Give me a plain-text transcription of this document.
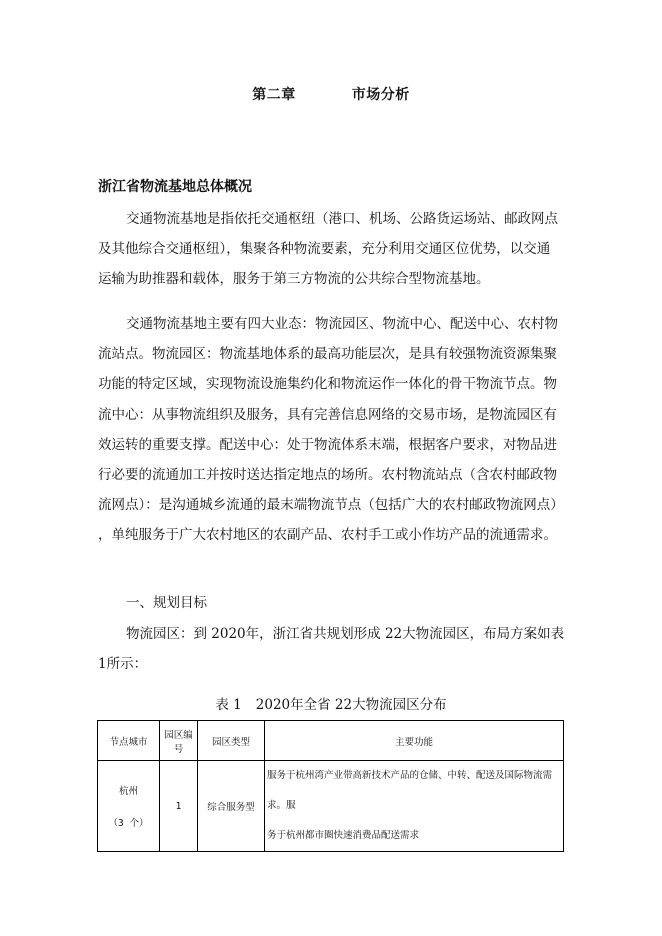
第二章	市场分析
浙江省物流基地总体概况

交通物流基地是指依托交通枢纽（港口、机场、公路货运场站、邮政网点
及其他综合交通枢纽），集聚各种物流要素，充分利用交通区位优势，以交通
运输为助推器和载体，服务于第三方物流的公共综合型物流基地。

交通物流基地主要有四大业态：物流园区、物流中心、配送中心、农村物
流站点。物流园区：物流基地体系的最高功能层次，是具有较强物流资源集聚
功能的特定区域，实现物流设施集约化和物流运作一体化的骨干物流节点。物
流中心：从事物流组织及服务，具有完善信息网络的交易市场，是物流园区有
效运转的重要支撑。配送中心：处于物流体系末端，根据客户要求，对物品进
行必要的流通加工并按时送达指定地点的场所。农村物流站点（含农村邮政物
流网点）：是沟通城乡流通的最末端物流节点（包括广大的农村邮政物流网点）
，单纯服务于广大农村地区的农副产品、农村手工或小作坊产品的流通需求。

一、规划目标

物流园区：到 2020年，浙江省共规划形成 22大物流园区，布局方案如表
1所示：

表 1 2020年全省 22大物流园区分布
节点城市	园区编号	园区类型	主要功能

杭州
（3 个）	1	综合服务型	服务于杭州湾产业带高新技术产品的仓储、中转、配送及国际物流需求。服
务于杭州都市圈快速消费品配送需求
